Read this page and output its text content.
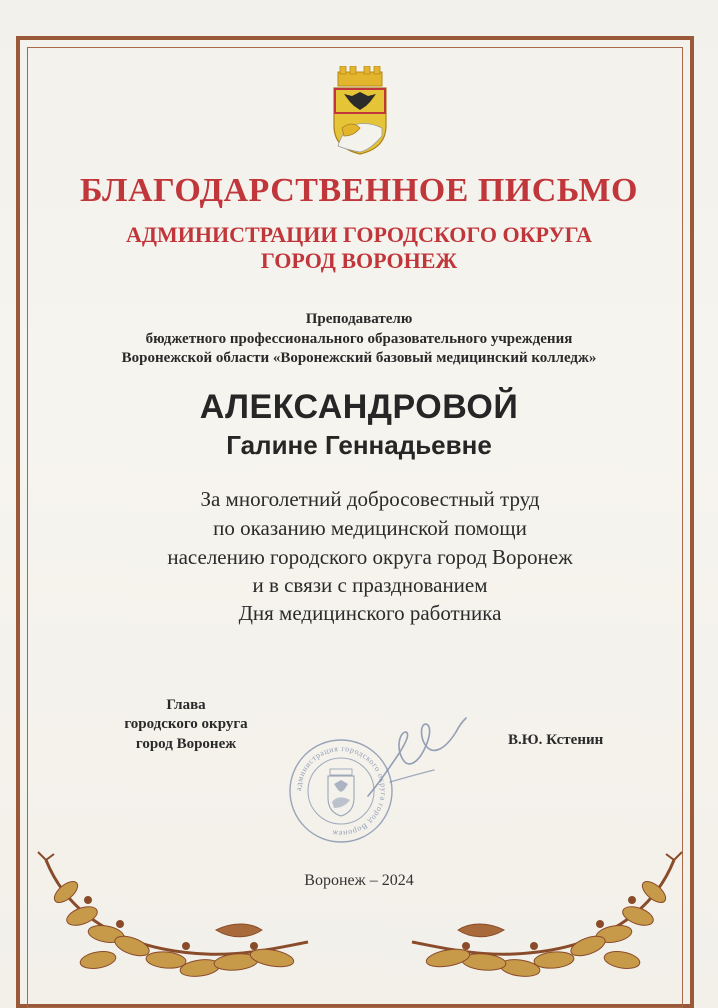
БЛАГОДАРСТВЕННОЕ ПИСЬМО
АДМИНИСТРАЦИИ ГОРОДСКОГО ОКРУГА
ГОРОД ВОРОНЕЖ
Преподавателю
бюджетного профессионального образовательного учреждения
Воронежской области «Воронежский базовый медицинский колледж»
АЛЕКСАНДРОВОЙ
Галине Геннадьевне
За многолетний добросовестный труд
по оказанию медицинской помощи
населению городского округа город Воронеж
и в связи с празднованием
Дня медицинского работника
Глава
городского округа
город Воронеж
администрация городского округа город Воронеж
В.Ю. Кстенин
Воронеж – 2024
